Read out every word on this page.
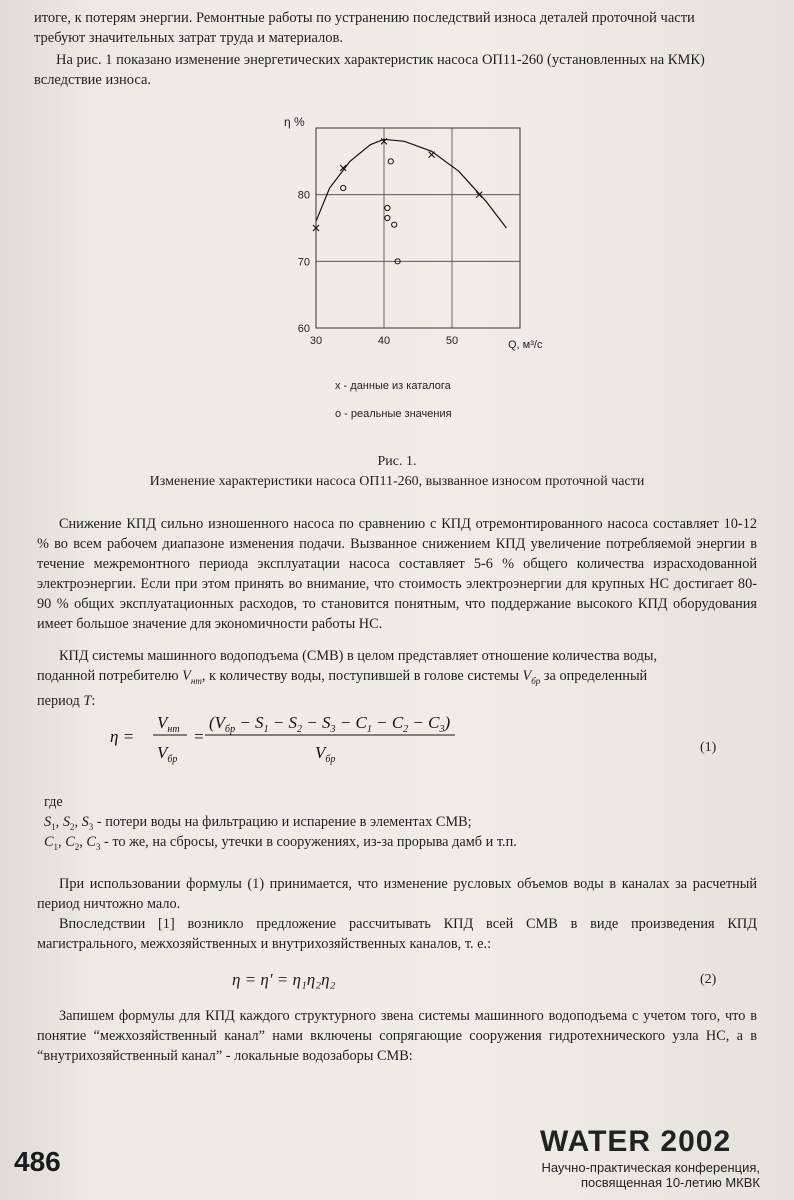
итоге, к потерям энергии. Ремонтные работы по устранению последствий износа деталей проточной части
требуют значительных затрат труда и материалов.
На рис. 1 показано изменение энергетических характеристик насоса ОП11-260 (установленных на КМК)
вследствие износа.
30	40	50
60
70
80
η %
Q, м³/с
x - данные из каталога
o - реальные значения
Рис. 1.
Изменение характеристики насоса ОП11-260, вызванное износом проточной части
Снижение КПД сильно изношенного насоса по сравнению с КПД отремонтированного насоса составляет 10-12 % во всем рабочем диапазоне изменения подачи. Вызванное снижением КПД увеличение потребляемой энергии в течение межремонтного периода эксплуатации насоса составляет 5-6 % общего количества израсходованной электроэнергии. Если при этом принять во внимание, что стоимость электроэнергии для крупных НС достигает 80-90 % общих эксплуатационных расходов, то становится понятным, что поддержание высокого КПД оборудования имеет большое значение для экономичности работы НС.
КПД системы машинного водоподъема (СМВ) в целом представляет отношение количества воды,
поданной потребителю $V_{нт}$, к количеству воды, поступившей в голове системы $V_{бр}$ за определенный
период T:
η =
$V_{нт}$
$V_{бр}$
=
$(V_{бр} - S_1 - S_2 - S_3 - C_1 - C_2 - C_3)$
$V_{бр}$
(1)
где
$S_1$, $S_2$, $S_3$ - потери воды на фильтрацию и испарение в элементах СМВ;
$C_1$, $C_2$, $C_3$ - то же, на сбросы, утечки в сооружениях, из-за прорыва дамб и т.п.
При использовании формулы (1) принимается, что изменение русловых объемов воды в каналах за расчетный период ничтожно мало.
Впоследствии [1] возникло предложение рассчитывать КПД всей СМВ в виде произведения КПД магистрального, межхозяйственных и внутрихозяйственных каналов, т. е.:
η = η' = η₁η₂η₂	(2)
Запишем формулы для КПД каждого структурного звена системы машинного водоподъема с учетом того, что в понятие “межхозяйственный канал” нами включены сопрягающие сооружения гидротехнического узла НС, а в “внутрихозяйственный канал” - локальные водозаборы СМВ:
486
WATER 2002
Научно-практическая конференция,
посвященная 10-летию МКВК
